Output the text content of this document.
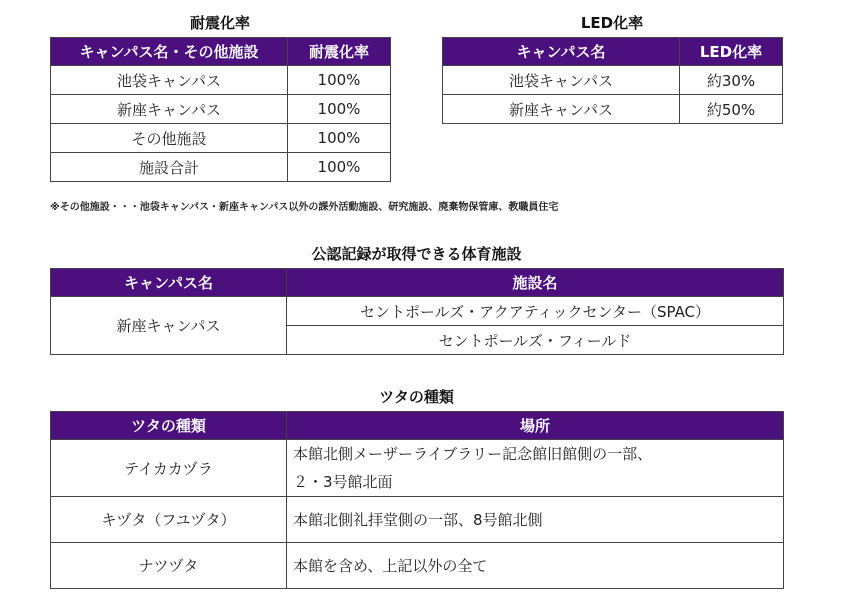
耐震化率
キャンパス名・その他施設	耐震化率
池袋キャンパス	100%
新座キャンパス	100%
その他施設	100%
施設合計	100%
LED化率
キャンパス名	LED化率
池袋キャンパス	約30%
新座キャンパス	約50%
※その他施設・・・池袋キャンパス・新座キャンパス以外の課外活動施設、研究施設、廃棄物保管庫、教職員住宅
公認記録が取得できる体育施設
キャンパス名	施設名
新座キャンパス	セントポールズ・アクアティックセンター（SPAC）
	セントポールズ・フィールド
ツタの種類
ツタの種類	場所
テイカカヅラ	本館北側メーザーライブラリー記念館旧館側の一部、
２・3号館北面

キヅタ（フユヅタ）	本館北側礼拝堂側の一部、8号館北側
ナツヅタ	本館を含め、上記以外の全て
